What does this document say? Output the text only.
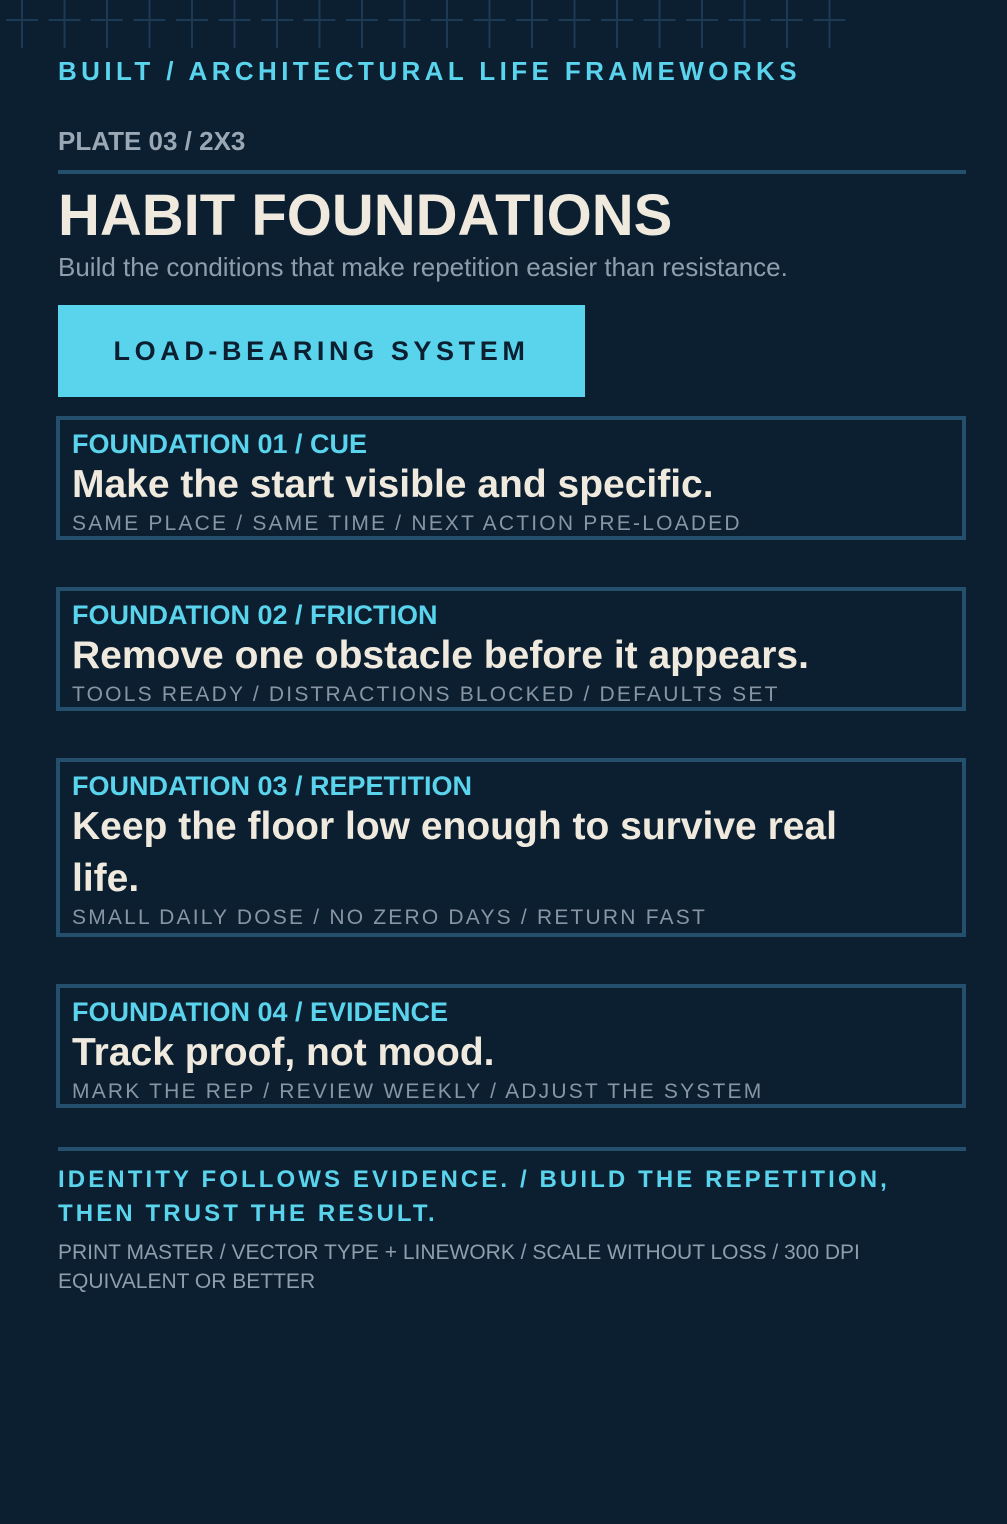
BUILT / ARCHITECTURAL LIFE FRAMEWORKS
PLATE 03 / 2X3
HABIT FOUNDATIONS
Build the conditions that make repetition easier than resistance.
LOAD-BEARING SYSTEM
FOUNDATION 01 / CUE
Make the start visible and specific.
SAME PLACE / SAME TIME / NEXT ACTION PRE-LOADED
FOUNDATION 02 / FRICTION
Remove one obstacle before it appears.
TOOLS READY / DISTRACTIONS BLOCKED / DEFAULTS SET
FOUNDATION 03 / REPETITION
Keep the floor low enough to survive real life.
SMALL DAILY DOSE / NO ZERO DAYS / RETURN FAST
FOUNDATION 04 / EVIDENCE
Track proof, not mood.
MARK THE REP / REVIEW WEEKLY / ADJUST THE SYSTEM
IDENTITY FOLLOWS EVIDENCE. / BUILD THE REPETITION, THEN TRUST THE RESULT.
PRINT MASTER / VECTOR TYPE + LINEWORK / SCALE WITHOUT LOSS / 300 DPI EQUIVALENT OR BETTER
